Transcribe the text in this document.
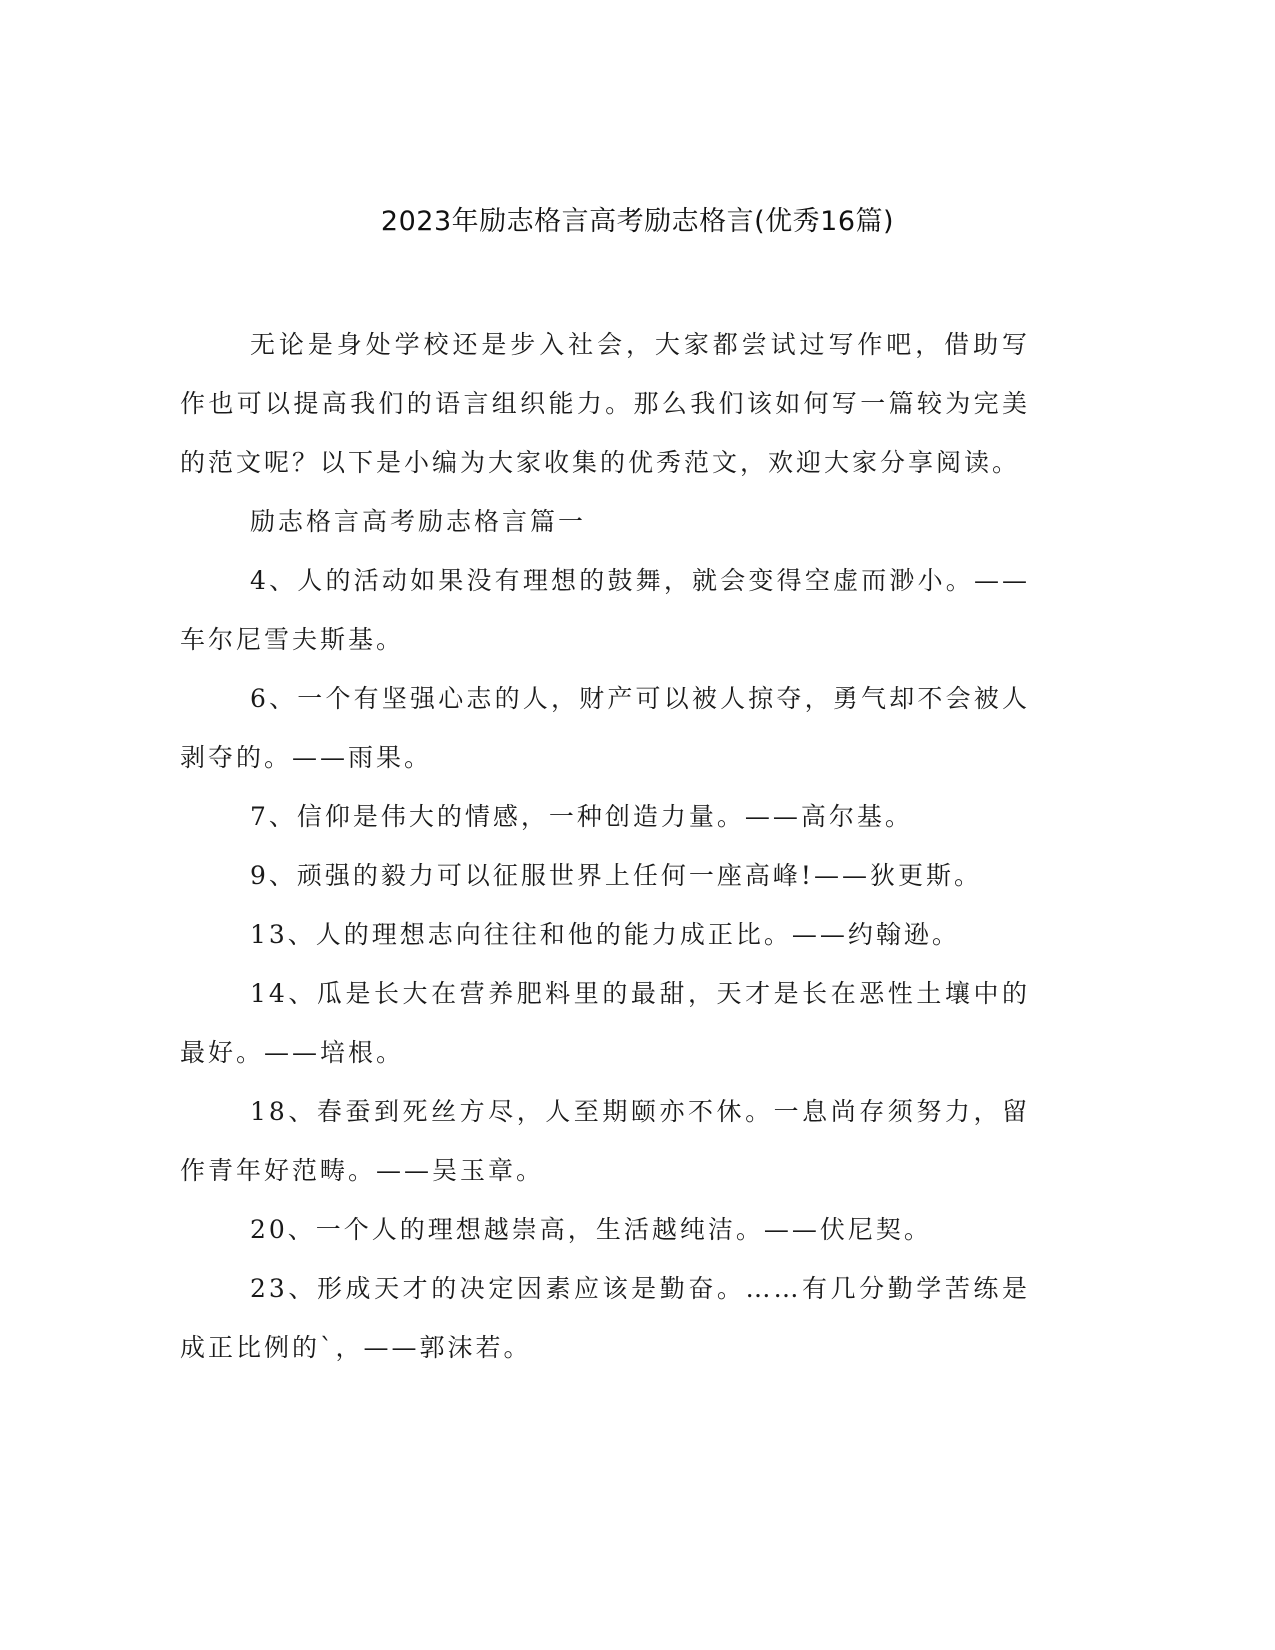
2023年励志格言高考励志格言(优秀16篇)

无论是身处学校还是步入社会，大家都尝试过写作吧，借助写作也可以提高我们的语言组织能力。那么我们该如何写一篇较为完美的范文呢？以下是小编为大家收集的优秀范文，欢迎大家分享阅读。

励志格言高考励志格言篇一

4、人的活动如果没有理想的鼓舞，就会变得空虚而渺小。——车尔尼雪夫斯基。

6、一个有坚强心志的人，财产可以被人掠夺，勇气却不会被人剥夺的。——雨果。

7、信仰是伟大的情感，一种创造力量。——高尔基。

9、顽强的毅力可以征服世界上任何一座高峰!——狄更斯。

13、人的理想志向往往和他的能力成正比。——约翰逊。

14、瓜是长大在营养肥料里的最甜，天才是长在恶性土壤中的最好。——培根。

18、春蚕到死丝方尽，人至期颐亦不休。一息尚存须努力，留作青年好范畴。——吴玉章。

20、一个人的理想越崇高，生活越纯洁。——伏尼契。

23、形成天才的决定因素应该是勤奋。……有几分勤学苦练是成正比例的`，——郭沫若。
